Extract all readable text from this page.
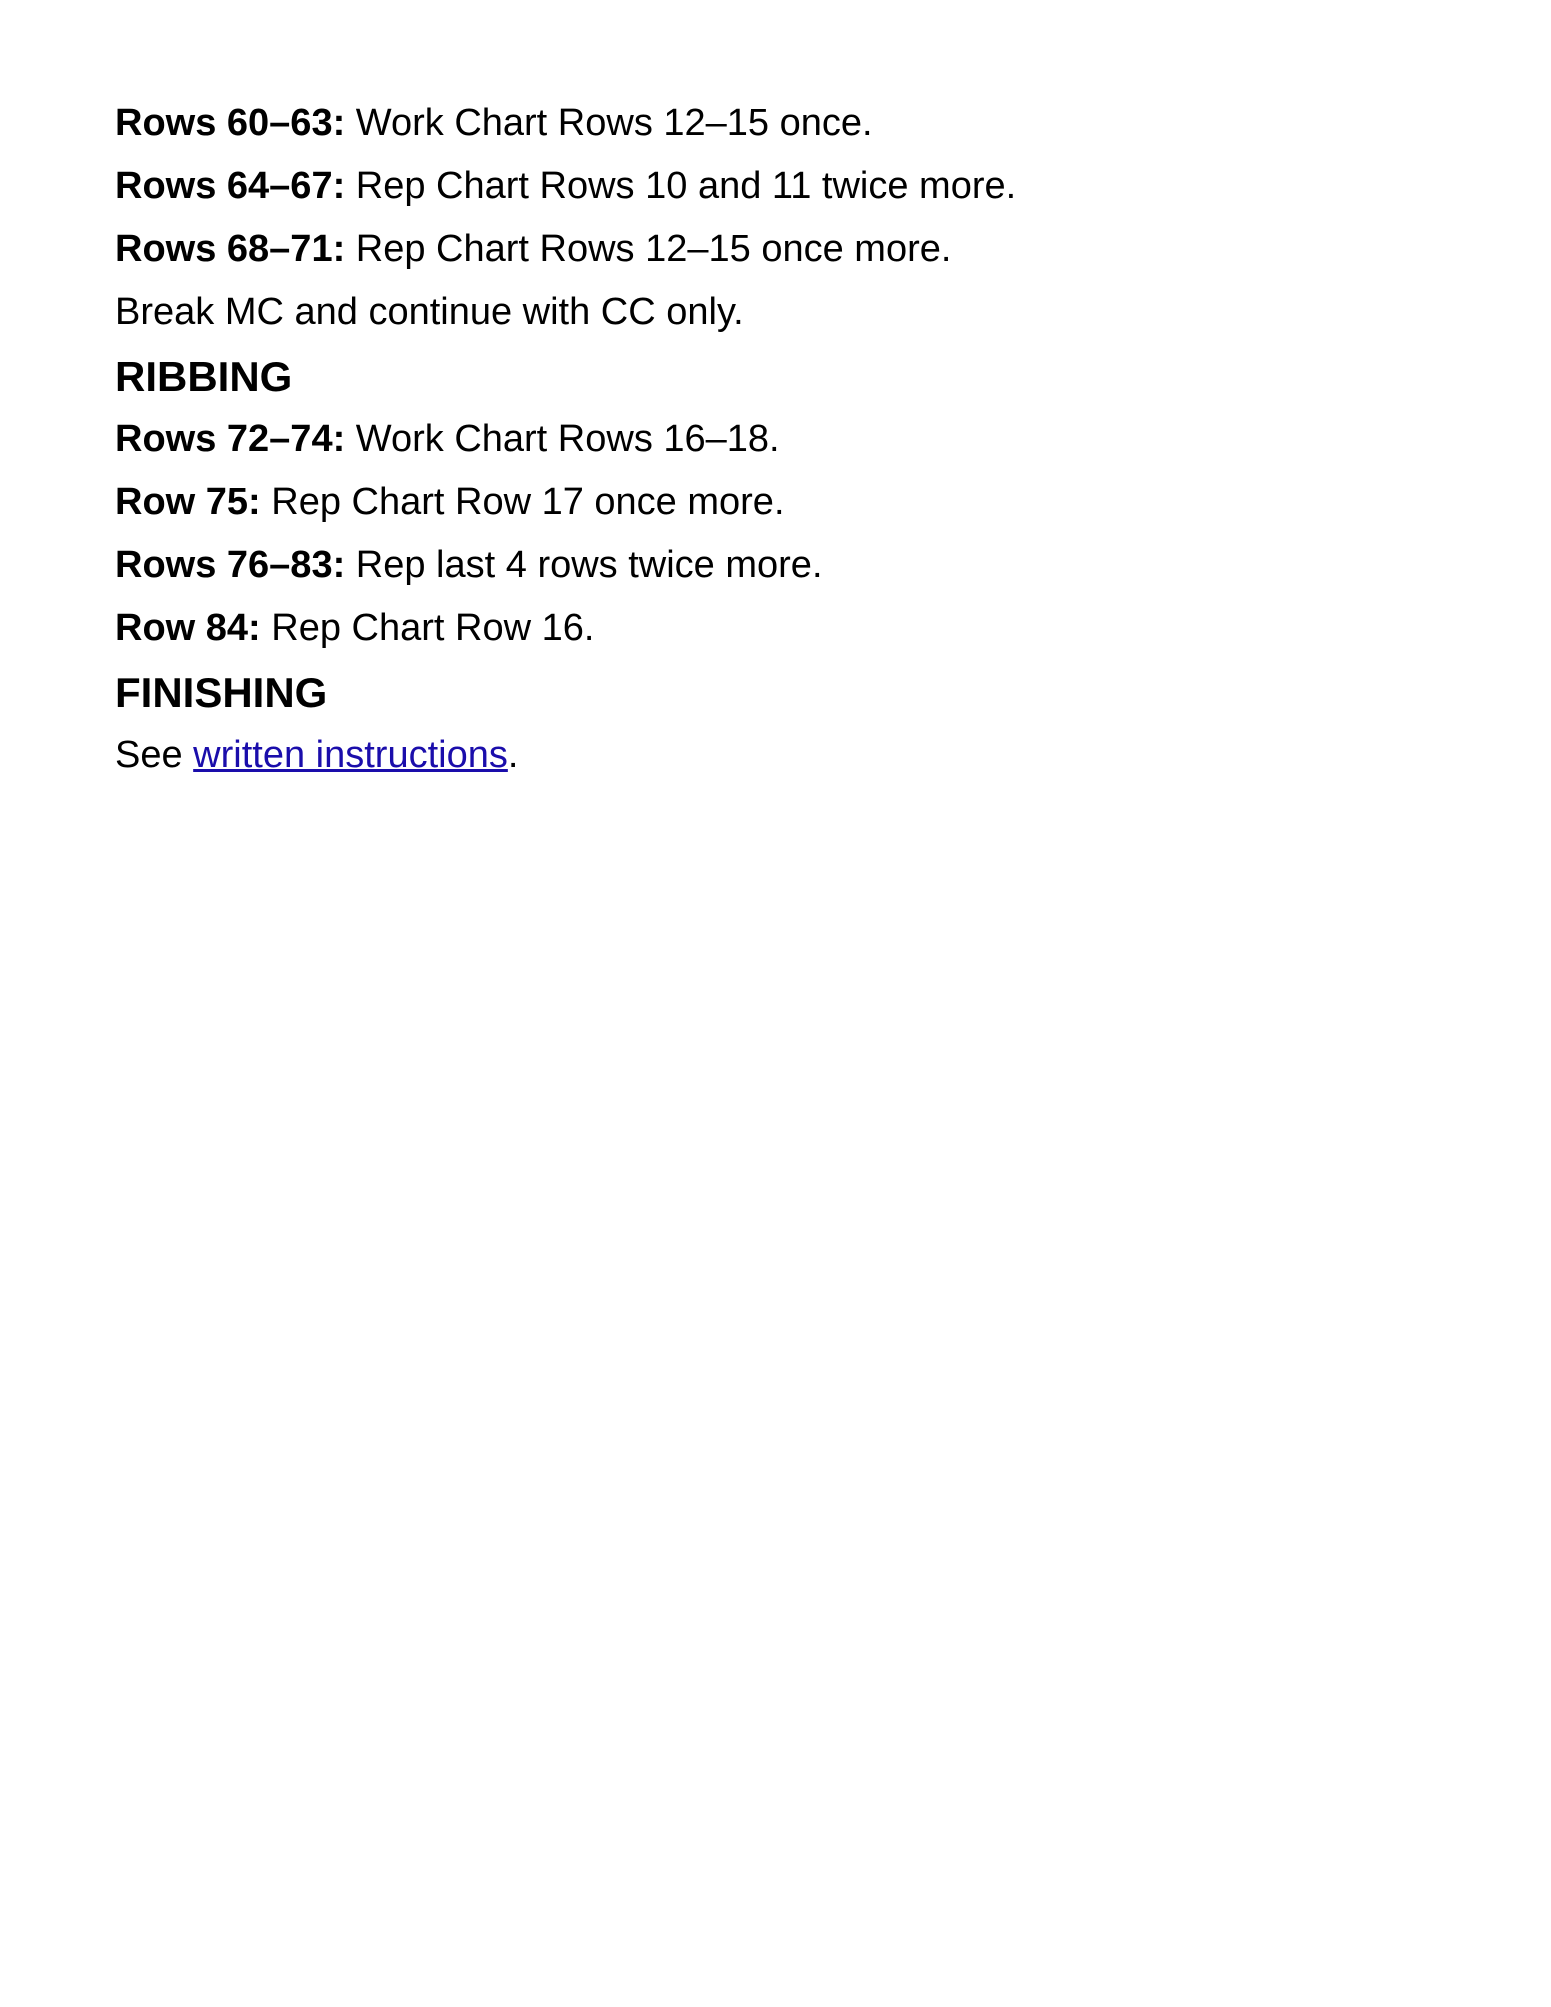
Rows 60–63: Work Chart Rows 12–15 once.
Rows 64–67: Rep Chart Rows 10 and 11 twice more.
Rows 68–71: Rep Chart Rows 12–15 once more.
Break MC and continue with CC only.
RIBBING
Rows 72–74: Work Chart Rows 16–18.
Row 75: Rep Chart Row 17 once more.
Rows 76–83: Rep last 4 rows twice more.
Row 84: Rep Chart Row 16.
FINISHING
See written instructions.
